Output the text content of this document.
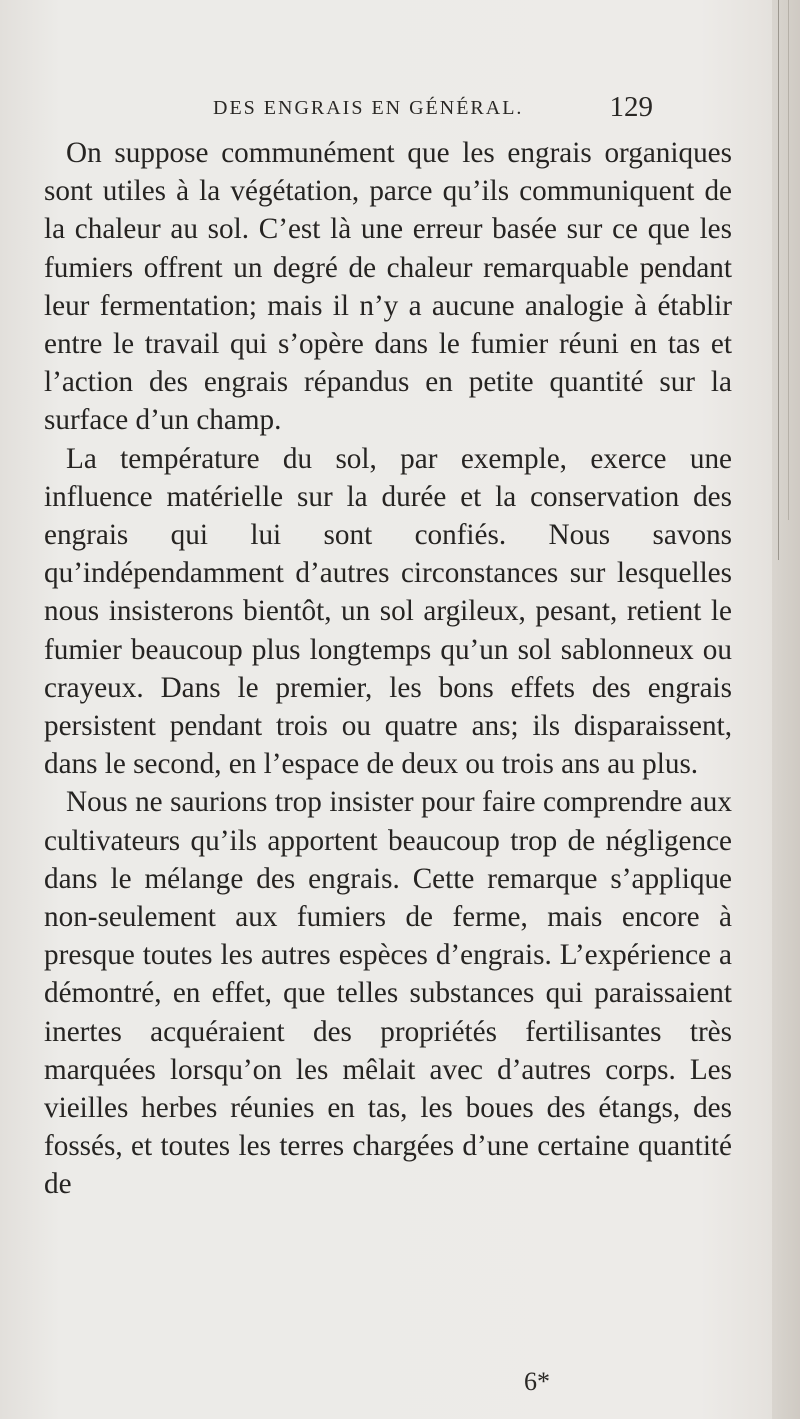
DES ENGRAIS EN GÉNÉRAL.	129

On suppose communément que les engrais organiques sont utiles à la végétation, parce qu’ils communiquent de la chaleur au sol. C’est là une erreur basée sur ce que les fumiers offrent un degré de chaleur remarquable pendant leur fermentation; mais il n’y a aucune analogie à établir entre le travail qui s’opère dans le fumier réuni en tas et l’action des engrais répandus en petite quantité sur la surface d’un champ.

La température du sol, par exemple, exerce une influence matérielle sur la durée et la conservation des engrais qui lui sont confiés. Nous savons qu’indépendamment d’autres circonstances sur lesquelles nous insisterons bientôt, un sol argileux, pesant, retient le fumier beaucoup plus longtemps qu’un sol sablonneux ou crayeux. Dans le premier, les bons effets des engrais persistent pendant trois ou quatre ans; ils disparaissent, dans le second, en l’espace de deux ou trois ans au plus.

Nous ne saurions trop insister pour faire comprendre aux cultivateurs qu’ils apportent beaucoup trop de négligence dans le mélange des engrais. Cette remarque s’applique non-seulement aux fumiers de ferme, mais encore à presque toutes les autres espèces d’engrais. L’expérience a démontré, en effet, que telles substances qui paraissaient inertes acquéraient des propriétés fertilisantes très marquées lorsqu’on les mêlait avec d’autres corps. Les vieilles herbes réunies en tas, les boues des étangs, des fossés, et toutes les terres chargées d’une certaine quantité de

6*
